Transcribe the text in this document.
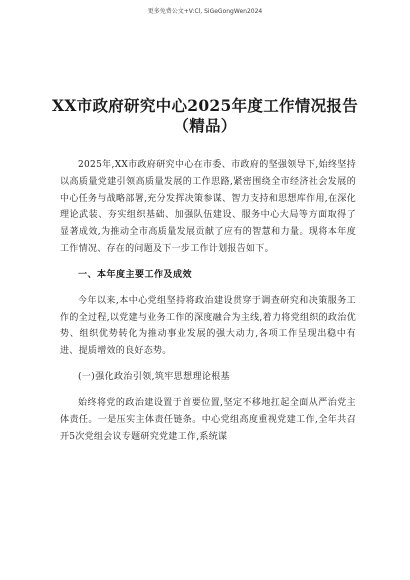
更多免费公文+V:Cl, SiGeGongWen2024
XX市政府研究中心2025年度工作情况报告（精品）

2025年,XX市政府研究中心在市委、市政府的坚强领导下,始终坚持以高质量党建引领高质量发展的工作思路,紧密围绕全市经济社会发展的中心任务与战略部署,充分发挥决策参谋、智力支持和思想库作用,在深化理论武装、夯实组织基础、加强队伍建设、服务中心大局等方面取得了显著成效,为推动全市高质量发展贡献了应有的智慧和力量。现将本年度工作情况、存在的问题及下一步工作计划报告如下。

一、本年度主要工作及成效

今年以来,本中心党组坚持将政治建设贯穿于调查研究和决策服务工作的全过程,以党建与业务工作的深度融合为主线,着力将党组织的政治优势、组织优势转化为推动事业发展的强大动力,各项工作呈现出稳中有进、提质增效的良好态势。

(一)强化政治引领,筑牢思想理论根基

始终将党的政治建设置于首要位置,坚定不移地扛起全面从严治党主体责任。一是压实主体责任链条。中心党组高度重视党建工作,全年共召开5次党组会议专题研究党建工作,系统谋
